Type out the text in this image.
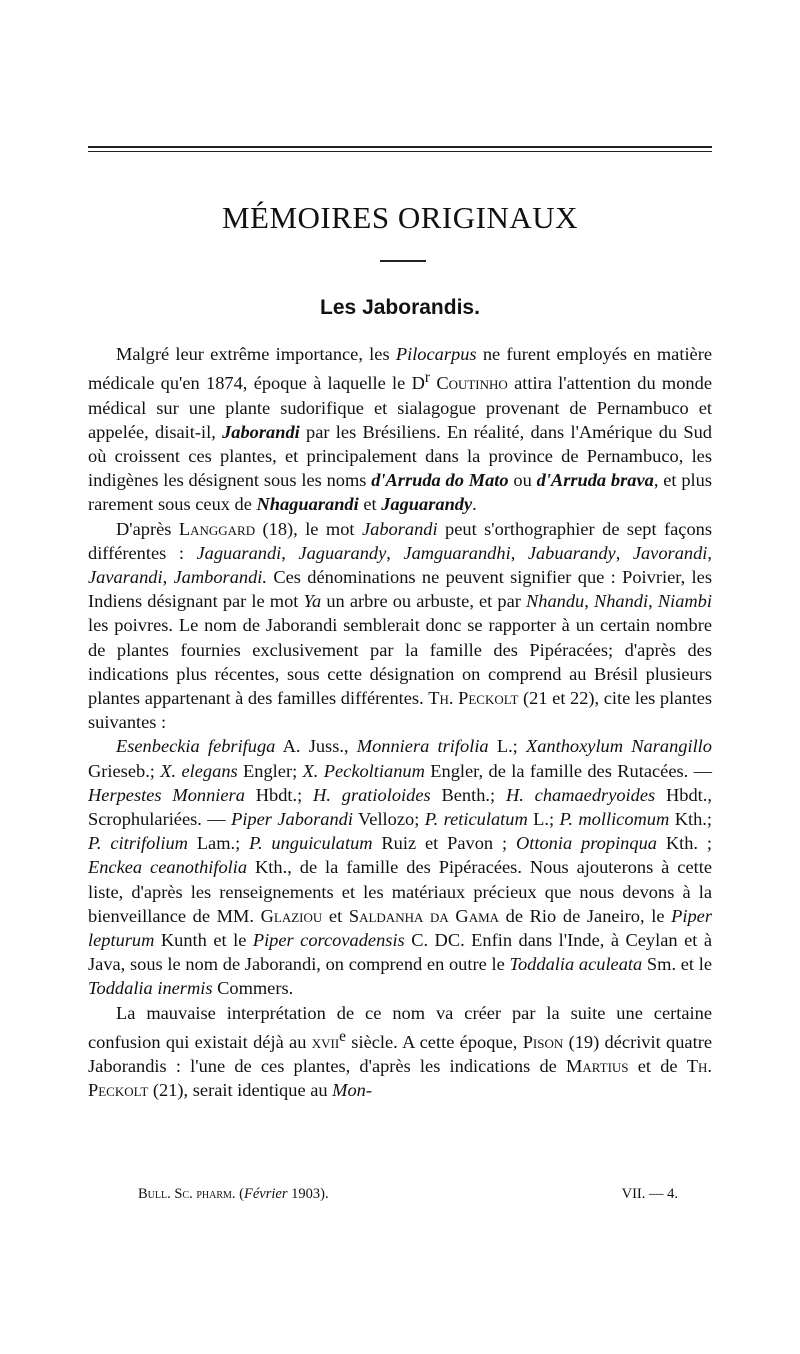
MÉMOIRES ORIGINAUX
Les Jaborandis.

Malgré leur extrême importance, les Pilocarpus ne furent employés en matière médicale qu'en 1874, époque à laquelle le $D^r$ Coutinho attira l'attention du monde médical sur une plante sudorifique et sialagogue provenant de Pernambuco et appelée, disait-il, Jaborandi par les Brésiliens. En réalité, dans l'Amérique du Sud où croissent ces plantes, et principalement dans la province de Pernambuco, les indigènes les désignent sous les noms d'Arruda do Mato ou d'Arruda brava, et plus rarement sous ceux de Nhaguarandi et Jaguarandy.

D'après Langgard (18), le mot Jaborandi peut s'orthographier de sept façons différentes : Jaguarandi, Jaguarandy, Jamguarandhi, Jabuarandy, Javorandi, Javarandi, Jamborandi. Ces dénominations ne peuvent signifier que : Poivrier, les Indiens désignant par le mot Ya un arbre ou arbuste, et par Nhandu, Nhandi, Niambi les poivres. Le nom de Jaborandi semblerait donc se rapporter à un certain nombre de plantes fournies exclusivement par la famille des Pipéracées; d'après des indications plus récentes, sous cette désignation on comprend au Brésil plusieurs plantes appartenant à des familles différentes. Th. Peckolt (21 et 22), cite les plantes suivantes :

Esenbeckia febrifuga A. Juss., Monniera trifolia L.; Xanthoxylum Narangillo Grieseb.; X. elegans Engler; X. Peckoltianum Engler, de la famille des Rutacées. — Herpestes Monniera Hbdt.; H. gratioloides Benth.; H. chamaedryoides Hbdt., Scrophulariées. — Piper Jaborandi Vellozo; P. reticulatum L.; P. mollicomum Kth.; P. citrifolium Lam.; P. unguiculatum Ruiz et Pavon ; Ottonia propinqua Kth. ; Enckea ceanothifolia Kth., de la famille des Pipéracées. Nous ajouterons à cette liste, d'après les renseignements et les matériaux précieux que nous devons à la bienveillance de MM. Glaziou et Saldanha da Gama de Rio de Janeiro, le Piper lepturum Kunth et le Piper corcovadensis C. DC. Enfin dans l'Inde, à Ceylan et à Java, sous le nom de Jaborandi, on comprend en outre le Toddalia aculeata Sm. et le Toddalia inermis Commers.

La mauvaise interprétation de ce nom va créer par la suite une certaine confusion qui existait déjà au xvii$^e$ siècle. A cette époque, Pison (19) décrivit quatre Jaborandis : l'une de ces plantes, d'après les indications de Martius et de Th. Peckolt (21), serait identique au Mon-

Bull. Sc. pharm. (Février 1903).	VII. — 4.
